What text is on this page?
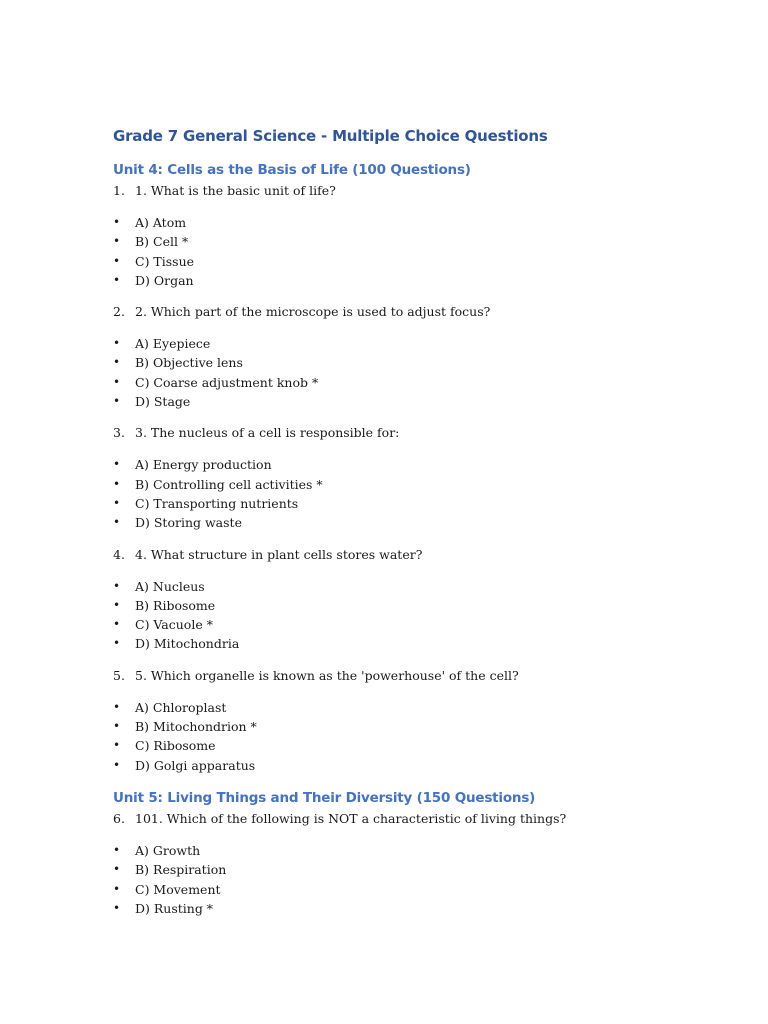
Grade 7 General Science - Multiple Choice Questions
Unit 4: Cells as the Basis of Life (100 Questions)

1. 1. What is the basic unit of life?

• A) Atom
• B) Cell *
• C) Tissue
• D) Organ

2. 2. Which part of the microscope is used to adjust focus?

• A) Eyepiece
• B) Objective lens
• C) Coarse adjustment knob *
• D) Stage

3. 3. The nucleus of a cell is responsible for:

• A) Energy production
• B) Controlling cell activities *
• C) Transporting nutrients
• D) Storing waste

4. 4. What structure in plant cells stores water?

• A) Nucleus
• B) Ribosome
• C) Vacuole *
• D) Mitochondria

5. 5. Which organelle is known as the 'powerhouse' of the cell?

• A) Chloroplast
• B) Mitochondrion *
• C) Ribosome
• D) Golgi apparatus
Unit 5: Living Things and Their Diversity (150 Questions)

6. 101. Which of the following is NOT a characteristic of living things?

• A) Growth
• B) Respiration
• C) Movement
• D) Rusting *
